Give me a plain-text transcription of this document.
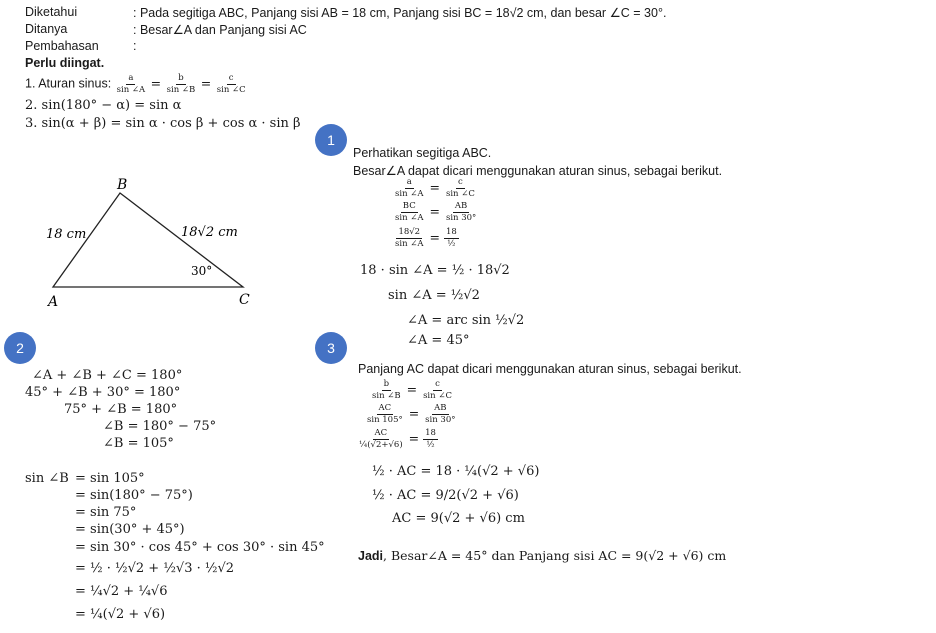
Diketahui	: Pada segitiga ABC, Panjang sisi AB = 18 cm, Panjang sisi BC = 18√2 cm, dan besar ∠C = 30°.
Ditanya	: Besar∠A dan Panjang sisi AC
Pembahasan	:
Perlu diingat.
1. Aturan sinus: $\frac{a}{\sin \angle A} = \frac{b}{\sin \angle B} = \frac{c}{\sin \angle C}$
2. sin(180° − α) = sin α
3. sin(α + β) = sin α · cos β + cos α · sin β
B
A	C
18 cm	18√2 cm
30°
1
2	3
Perhatikan segitiga ABC.
Besar∠A dapat dicari menggunakan aturan sinus, sebagai berikut.
$\frac{a}{\sin \angle A} = \frac{c}{\sin \angle C}$
$\frac{BC}{\sin \angle A} = \frac{AB}{\sin 30^\circ}$
$\frac{18√2}{\sin \angle A} = \frac{18}{\text{½}}$
18 · sin ∠A = ½ · 18√2
sin ∠A = ½√2
∠A = arc sin ½√2
∠A = 45°
∠A + ∠B + ∠C = 180°
45° + ∠B + 30° = 180°
75° + ∠B = 180°
∠B = 180° − 75°
∠B = 105°
sin ∠B = sin 105°
= sin(180° − 75°)
= sin 75°
= sin(30° + 45°)
= sin 30° · cos 45° + cos 30° · sin 45°
= ½ · ½√2 + ½√3 · ½√2
= ¼√2 + ¼√6
= ¼(√2 + √6)
Panjang AC dapat dicari menggunakan aturan sinus, sebagai berikut.
$\frac{b}{\sin \angle B} = \frac{c}{\sin \angle C}$
$\frac{AC}{\sin 105^\circ} = \frac{AB}{\sin 30^\circ}$
$\frac{AC}{\text{¼(√2+√6)}} = \frac{18}{\text{½}}$
½ · AC = 18 · ¼(√2 + √6)
½ · AC = 9/2(√2 + √6)
AC = 9(√2 + √6) cm
Jadi, Besar∠A = 45° dan Panjang sisi AC = 9(√2 + √6) cm
